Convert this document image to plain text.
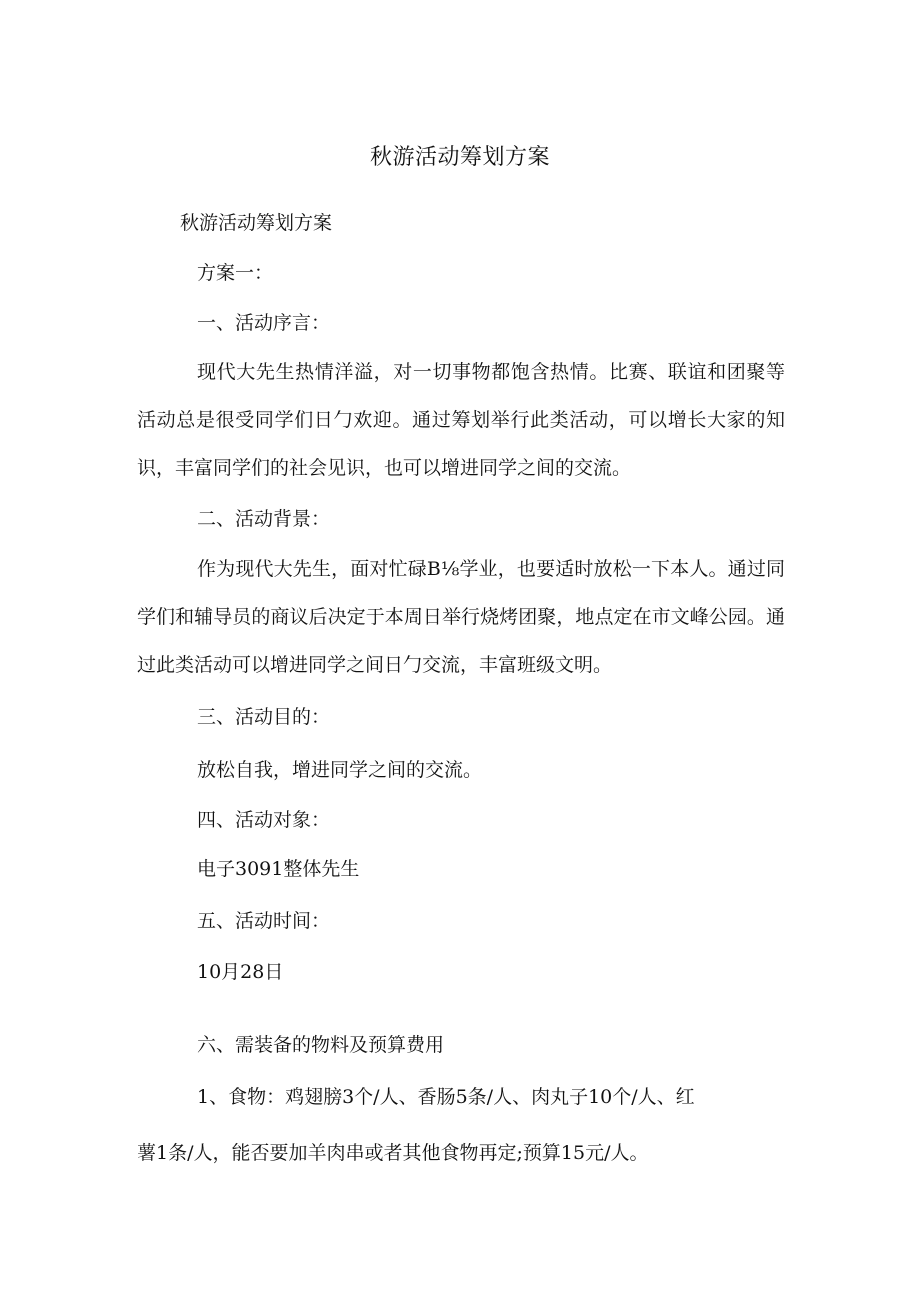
秋游活动筹划方案

秋游活动筹划方案

方案一：

一、活动序言：

现代大先生热情洋溢，对一切事物都饱含热情。比赛、联谊和团聚等活动总是很受同学们日勹欢迎。通过筹划举行此类活动，可以增长大家的知识，丰富同学们的社会见识，也可以增进同学之间的交流。

二、活动背景：

作为现代大先生，面对忙碌B⅛学业，也要适时放松一下本人。通过同学们和辅导员的商议后决定于本周日举行烧烤团聚，地点定在市文峰公园。通过此类活动可以增进同学之间日勹交流，丰富班级文明。

三、活动目的：

放松自我，增进同学之间的交流。

四、活动对象：

电子3091整体先生

五、活动时间：

10月28日

六、需装备的物料及预算费用

1、食物：鸡翅膀3个/人、香肠5条/人、肉丸子10个/人、红

薯1条/人，能否要加羊肉串或者其他食物再定;预算15元/人。
